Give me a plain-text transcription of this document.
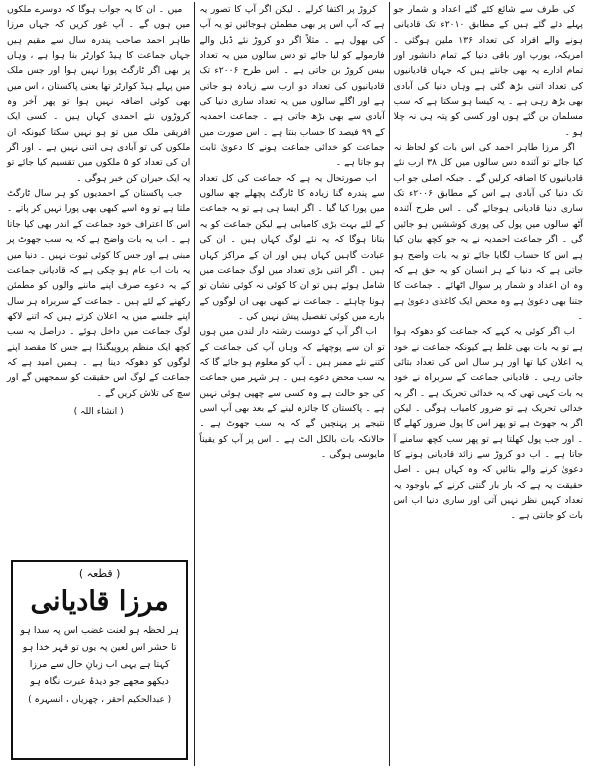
کی طرف سے شائع کئے گئے اعداد و شمار جو پہلے دئے گئے ہیں کے مطابق ۲۰۱۰ء تک قادیانی ہونے والے افراد کی تعداد ۱۳۶ ملین ہوگئی ۔ امریکہ، یورپ اور باقی دنیا کے تمام دانشور اور تمام ادارے یہ بھی جانتے ہیں کہ جہاں قادیانیوں کی تعداد اتنی بڑھ گئی ہے وہاں دنیا کی آبادی بھی بڑھ رہی ہے ۔ یہ کیسا ہو سکتا ہے کہ سب مسلمان بن گئے ہوں اور کسی کو پتہ ہی نہ چلا ہو ۔

اگر مرزا طاہر احمد کی اس بات کو لحاظ نہ کیا جائے تو آئندہ دس سالوں میں کل ۳۸ ارب نئے قادیانیوں کا اضافہ کرلیں گے ۔ جبکہ اصلی جو اب تک دنیا کی آبادی ہے اس کے مطابق ۲۰۰۶ء تک ساری دنیا قادیانی ہوجائے گی ۔ اس طرح آئندہ آٹھ سالوں میں پول کی پوری کوششیں ہو جائیں گی ۔ اگر جماعت احمدیہ نے یہ جو کچھ بیان کیا ہے اس کا حساب لگایا جائے تو یہ بات واضح ہو جاتی ہے کہ دنیا کے ہر انسان کو یہ حق ہے کہ وہ ان اعداد و شمار پر سوال اٹھائے ۔ جماعت کا جتنا بھی دعویٰ ہے وہ محض ایک کاغذی دعویٰ ہے ۔

اب اگر کوئی یہ کہے کہ جماعت کو دھوکہ ہوا ہے تو یہ بات بھی غلط ہے کیونکہ جماعت نے خود یہ اعلان کیا تھا اور ہر سال اس کی تعداد بتائی جاتی رہی ۔ قادیانی جماعت کے سربراہ نے خود یہ بات کہی تھی کہ یہ خدائی تحریک ہے ۔ اگر یہ خدائی تحریک ہے تو ضرور کامیاب ہوگی ۔ لیکن اگر یہ جھوٹ ہے تو پھر اس کا پول ضرور کھلے گا ۔ اور جب پول کھلتا ہے تو پھر سب کچھ سامنے آ جاتا ہے ۔ اب دو کروڑ سے زائد قادیانی ہونے کا دعویٰ کرنے والے بتائیں کہ وہ کہاں ہیں ۔ اصل حقیقت یہ ہے کہ بار بار گنتی کرنے کے باوجود یہ تعداد کہیں نظر نہیں آتی اور ساری دنیا اب اس بات کو جانتی ہے ۔

کروڑ پر اکتفا کرلے ۔ لیکن اگر آپ کا تصور یہ ہے کہ آپ اس پر بھی مطمئن ہوجائیں تو یہ آپ کی بھول ہے ۔ مثلاً اگر دو کروڑ نئے ڈبل والے فارمولے کو لیا جائے تو دس سالوں میں یہ تعداد بیس کروڑ بن جاتی ہے ۔ اس طرح ۲۰۰۶ء تک قادیانیوں کی تعداد دو ارب سے زیادہ ہو جاتی ہے اور اگلے سالوں میں یہ تعداد ساری دنیا کی آبادی سے بھی بڑھ جاتی ہے ۔ جماعت احمدیہ کے ۹۹ فیصد کا حساب بنتا ہے ۔ اس صورت میں جماعت کو خدائی جماعت ہونے کا دعویٰ ثابت ہو جاتا ہے ۔

اب صورتحال یہ ہے کہ جماعت کی کل تعداد سے پندرہ گنا زیادہ کا ٹارگٹ پچھلے چھ سالوں میں پورا کیا گیا ۔ اگر ایسا ہی ہے تو یہ جماعت کے لئے بہت بڑی کامیابی ہے لیکن جماعت کو یہ بتانا ہوگا کہ یہ نئے لوگ کہاں ہیں ۔ ان کی عبادت گاہیں کہاں ہیں اور ان کے مراکز کہاں ہیں ۔ اگر اتنی بڑی تعداد میں لوگ جماعت میں شامل ہوئے ہیں تو ان کا کوئی نہ کوئی نشان تو ہونا چاہئے ۔ جماعت نے کبھی بھی ان لوگوں کے بارے میں کوئی تفصیل پیش نہیں کی ۔

اب اگر آپ کے دوست رشتہ دار لندن میں ہوں تو ان سے پوچھئے کہ وہاں آپ کی جماعت کے کتنے نئے ممبر ہیں ۔ آپ کو معلوم ہو جائے گا کہ یہ سب محض دعوے ہیں ۔ ہر شہر میں جماعت کی جو حالت ہے وہ کسی سے چھپی ہوئی نہیں ہے ۔ پاکستان کا جائزہ لینے کے بعد بھی آپ اسی نتیجے پر پہنچیں گے کہ یہ سب جھوٹ ہے ۔ حالانکہ بات بالکل الٹ ہے ۔ اس پر آپ کو یقیناً مایوسی ہوگی ۔

میں ۔ ان کا یہ جواب ہوگا کہ دوسرے ملکوں میں ہوں گے ۔ آپ غور کریں کہ جہاں مرزا طاہر احمد صاحب پندرہ سال سے مقیم ہیں جہاں جماعت کا ہیڈ کوارٹر بنا ہوا ہے ، وہاں پر بھی اگر ٹارگٹ پورا نہیں ہوا اور جس ملک میں پہلے ہیڈ کوارٹر تھا یعنی پاکستان ، اس میں بھی کوئی اضافہ نہیں ہوا تو پھر آخر وہ کروڑوں نئے احمدی کہاں ہیں ۔ کسی ایک افریقی ملک میں تو ہو نہیں سکتا کیونکہ ان ملکوں کی تو آبادی ہی اتنی نہیں ہے ۔ اور اگر ان کی تعداد کو ۵ ملکوں میں تقسیم کیا جائے تو یہ ایک حیران کن خبر ہوگی ۔

جب پاکستان کے احمدیوں کو ہر سال ٹارگٹ ملتا ہے تو وہ اسے کبھی بھی پورا نہیں کر پاتے ۔ اس کا اعتراف خود جماعت کے اندر بھی کیا جاتا ہے ۔ اب یہ بات واضح ہے کہ یہ سب جھوٹ پر مبنی ہے اور جس کا کوئی ثبوت نہیں ۔ دنیا میں یہ بات اب عام ہو چکی ہے کہ قادیانی جماعت کے یہ دعوے صرف اپنے ماننے والوں کو مطمئن رکھنے کے لئے ہیں ۔ جماعت کے سربراہ ہر سال اپنے جلسے میں یہ اعلان کرتے ہیں کہ اتنے لاکھ لوگ جماعت میں داخل ہوئے ۔ دراصل یہ سب کچھ ایک منظم پروپیگنڈا ہے جس کا مقصد اپنے لوگوں کو دھوکہ دینا ہے ۔ ہمیں امید ہے کہ جماعت کے لوگ اس حقیقت کو سمجھیں گے اور سچ کی تلاش کریں گے ۔

( انشاء اللہ )
( قطعہ )
مرزا قادیانی
ہر لحظہ ہو لعنت غضب اس پہ سدا ہو
تا حشر اس لعین پہ یوں تو قہر خدا ہو
کہتا ہے یہی اب زبانِ حال سے مرزا
دیکھو مجھے جو دیدۂ عبرت نگاہ ہو
( عبدالحکیم احقر ، چھریاں ، انسہرہ )
